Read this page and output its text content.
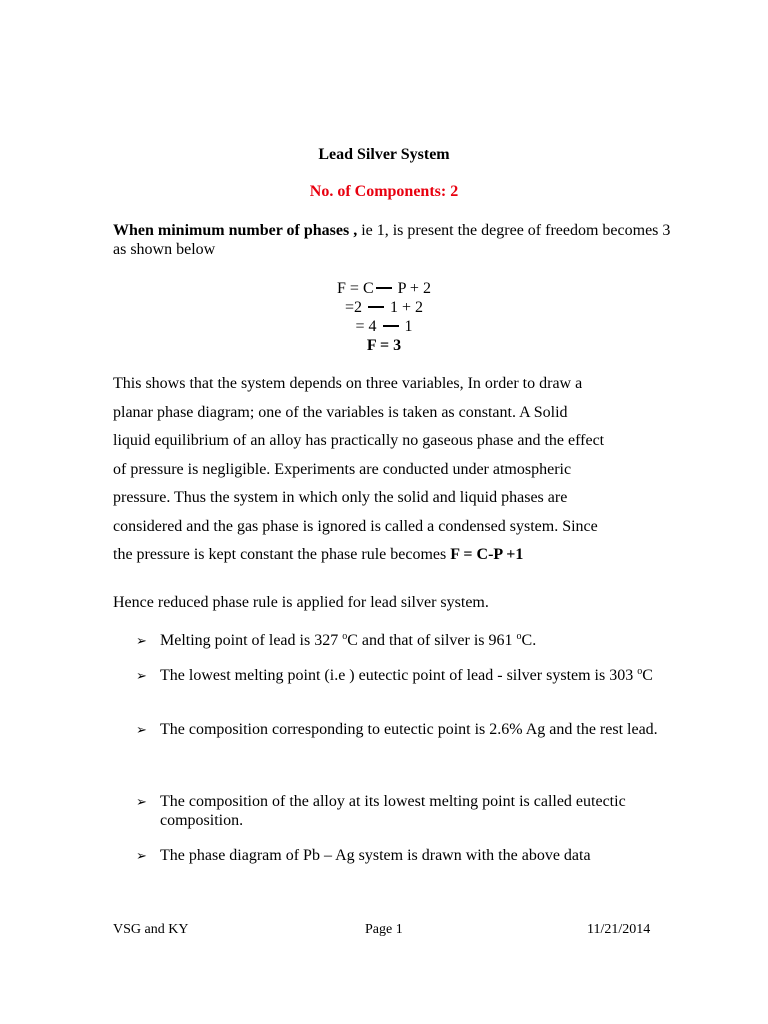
Lead Silver System
No. of Components: 2
When minimum number of phases , ie 1, is present the degree of freedom becomes 3 as shown below
F = C P + 2
=2  1 + 2
= 4  1
F = 3
This shows that the system depends on three variables, In order to draw a
planar phase diagram; one of the variables is taken as constant. A Solid
liquid equilibrium of an alloy has practically no gaseous phase and the effect
of pressure is negligible. Experiments are conducted under atmospheric
pressure. Thus the system in which only the solid and liquid phases are
considered and the gas phase is ignored is called a condensed system. Since
the pressure is kept constant the phase rule becomes F = C-P +1
Hence reduced phase rule is applied for lead silver system.
➢ Melting point of lead is 327 $^o$C and that of silver is 961 $^o$C.
➢ The lowest melting point (i.e ) eutectic point of lead - silver system is 303 $^o$C
➢ The composition corresponding to eutectic point is 2.6% Ag and the rest lead.
➢ The composition of the alloy at its lowest melting point is called eutectic composition.
➢ The phase diagram of Pb – Ag system is drawn with the above data
VSG and KY	Page 1	11/21/2014
